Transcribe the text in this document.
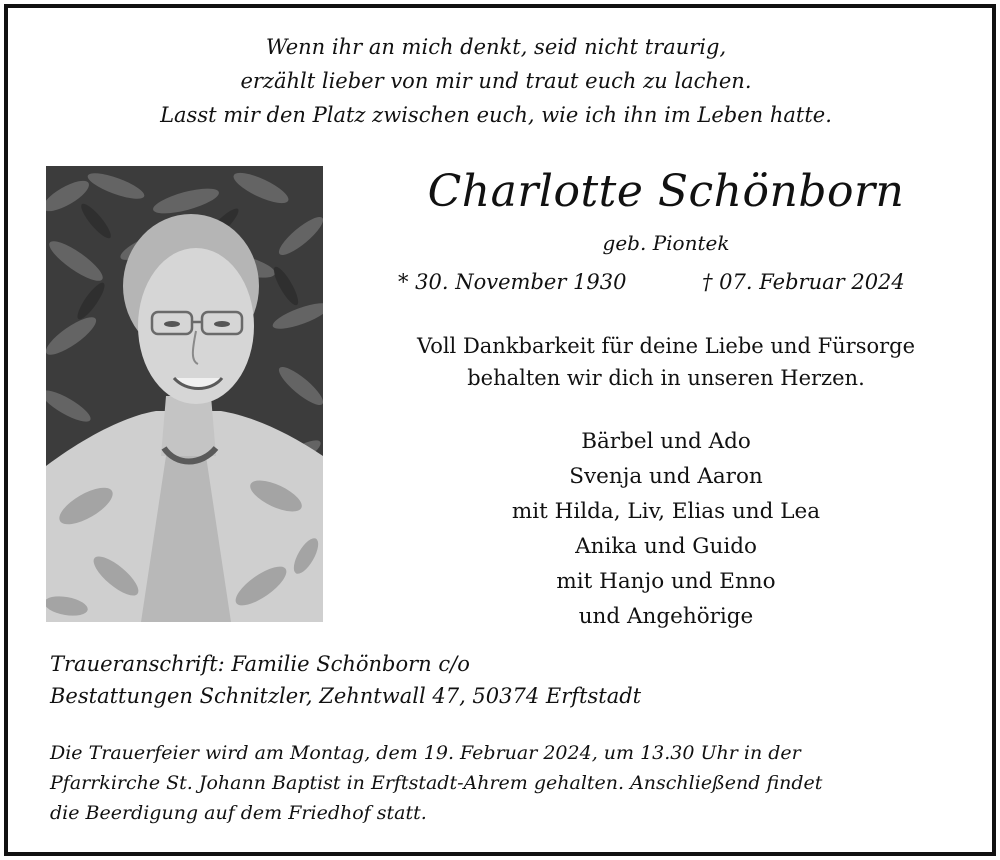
Wenn ihr an mich denkt, seid nicht traurig,
erzählt lieber von mir und traut euch zu lachen.
Lasst mir den Platz zwischen euch, wie ich ihn im Leben hatte.
Charlotte Schönborn
geb. Piontek
* 30. November 1930	† 07. Februar 2024
Voll Dankbarkeit für deine Liebe und Fürsorge
behalten wir dich in unseren Herzen.
Bärbel und Ado
Svenja und Aaron
mit Hilda, Liv, Elias und Lea
Anika und Guido
mit Hanjo und Enno
und Angehörige
Traueranschrift: Familie Schönborn c/o
Bestattungen Schnitzler, Zehntwall 47, 50374 Erftstadt
Die Trauerfeier wird am Montag, dem 19. Februar 2024, um 13.30 Uhr in der
Pfarrkirche St. Johann Baptist in Erftstadt-Ahrem gehalten. Anschließend findet
die Beerdigung auf dem Friedhof statt.
